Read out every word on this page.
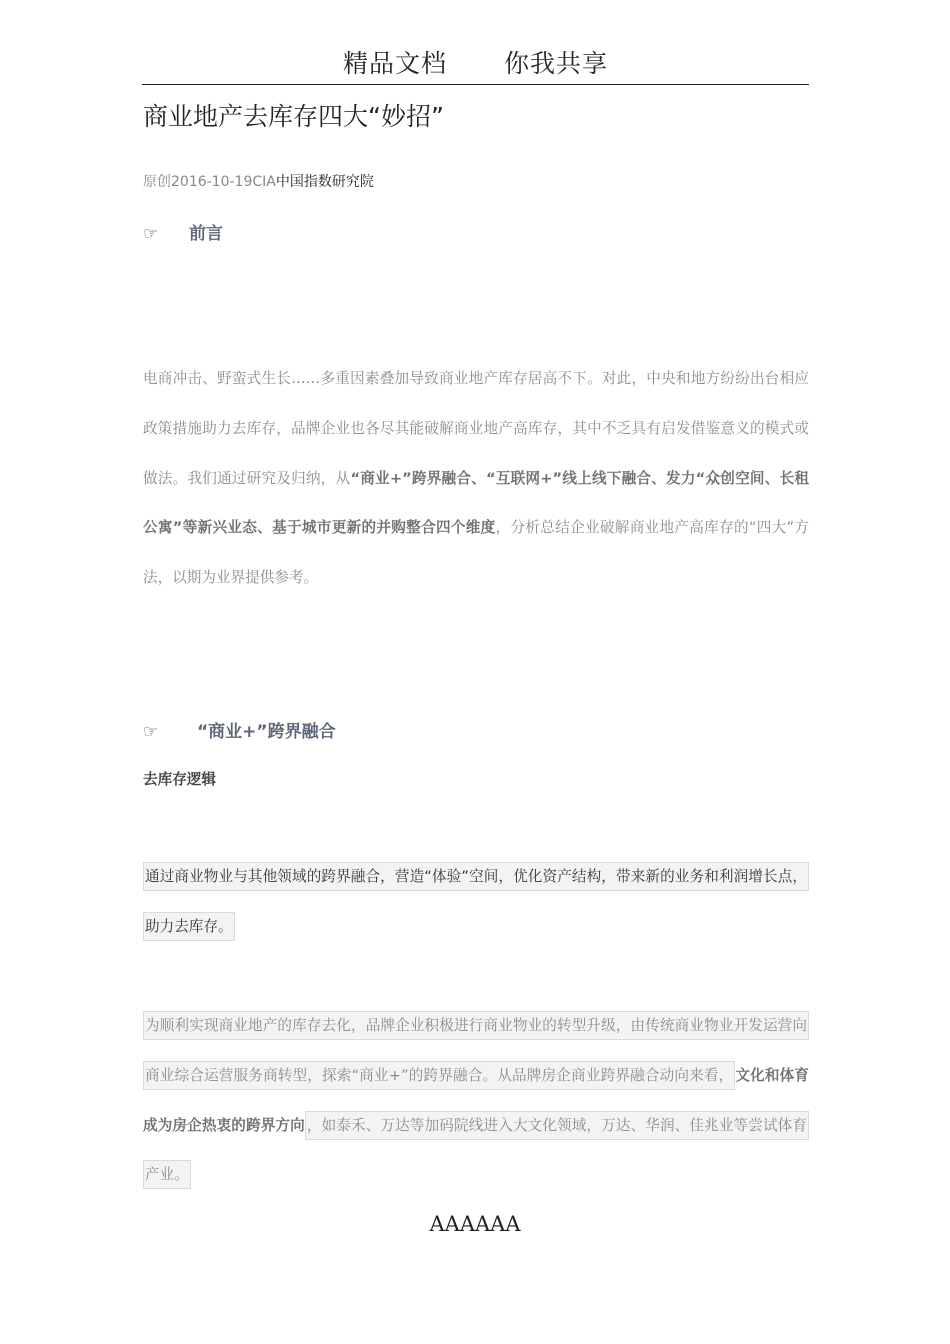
精品文档 你我共享
商业地产去库存四大“妙招”
原创2016-10-19CIA中国指数研究院
☞ 前言
电商冲击、野蛮式生长……多重因素叠加导致商业地产库存居高不下。对此，中央和地方纷纷出台相应政策措施助力去库存，品牌企业也各尽其能破解商业地产高库存，其中不乏具有启发借鉴意义的模式或做法。我们通过研究及归纳，从“商业+”跨界融合、“互联网+”线上线下融合、发力“众创空间、长租公寓”等新兴业态、基于城市更新的并购整合四个维度，分析总结企业破解商业地产高库存的“四大”方法，以期为业界提供参考。
☞ “商业+”跨界融合
去库存逻辑
通过商业物业与其他领域的跨界融合，营造“体验”空间，优化资产结构，带来新的业务和利润增长点，助力去库存。
为顺利实现商业地产的库存去化，品牌企业积极进行商业物业的转型升级，由传统商业物业开发运营向商业综合运营服务商转型，探索“商业+”的跨界融合。从品牌房企商业跨界融合动向来看， 文化和体育成为房企热衷的跨界方向 ，如泰禾、万达等加码院线进入大文化领域，万达、华润、佳兆业等尝试体育产业。
AAAAAA
